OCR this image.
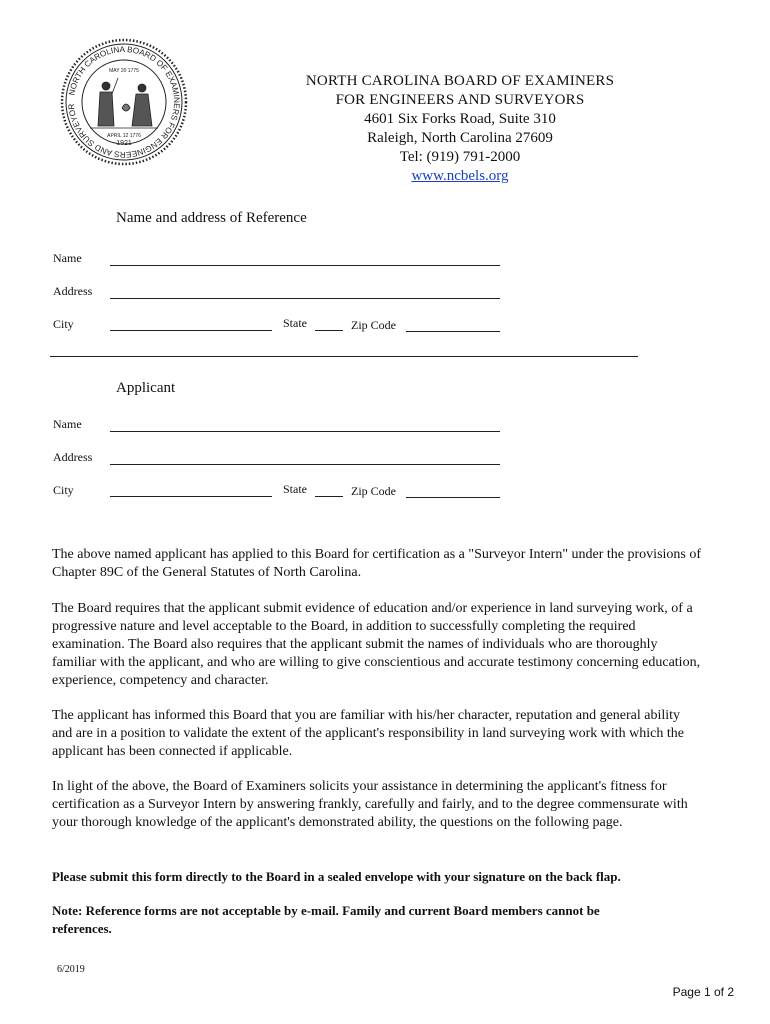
NORTH CAROLINA BOARD OF EXAMINERS FOR ENGINEERS AND SURVEYOR
MAY 20 1775
APRIL 12 1776
1921
NORTH CAROLINA BOARD OF EXAMINERS
FOR ENGINEERS AND SURVEYORS
4601 Six Forks Road, Suite 310
Raleigh, North Carolina 27609
Tel: (919) 791-2000
www.ncbels.org
Name and address of Reference
Name
Address
City	State	Zip Code
Applicant
Name
Address
City	State	Zip Code
The above named applicant has applied to this Board for certification as a "Surveyor Intern" under the provisions of Chapter 89C of the General Statutes of North Carolina.
The Board requires that the applicant submit evidence of education and/or experience in land surveying work, of a progressive nature and level acceptable to the Board, in addition to successfully completing the required examination. The Board also requires that the applicant submit the names of individuals who are thoroughly familiar with the applicant, and who are willing to give conscientious and accurate testimony concerning education, experience, competency and character.
The applicant has informed this Board that you are familiar with his/her character, reputation and general ability and are in a position to validate the extent of the applicant's responsibility in land surveying work with which the applicant has been connected if applicable.
In light of the above, the Board of Examiners solicits your assistance in determining the applicant's fitness for certification as a Surveyor Intern by answering frankly, carefully and fairly, and to the degree commensurate with your thorough knowledge of the applicant's demonstrated ability, the questions on the following page.
Please submit this form directly to the Board in a sealed envelope with your signature on the back flap.
Note: Reference forms are not acceptable by e-mail. Family and current Board members cannot be references.
6/2019
Page 1 of 2
